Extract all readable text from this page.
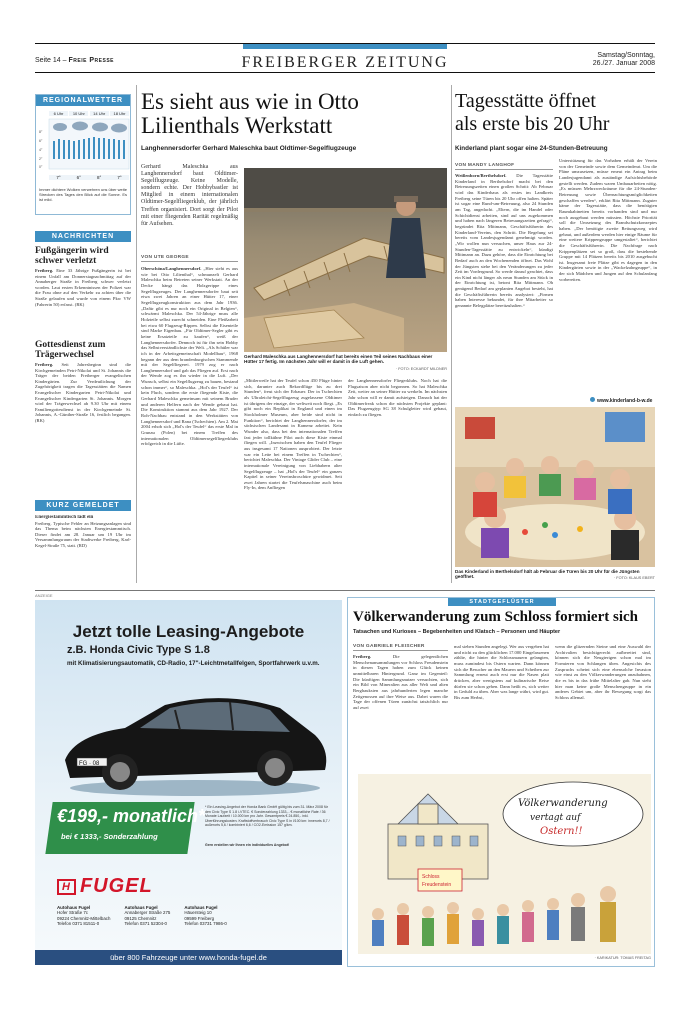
Seite 14 – Freie Presse	FREIBERGER ZEITUNG	Samstag/Sonntag,
26./27. Januar 2008
REGIONALWETTER
6 Uhr	10 Uhr	14 Uhr	18 Uhr
8°
6°
4°
2°
0°
7°	6°	8°	7°
Immer dichtere Wolken verwehren uns über weite Strecken des Tages den Blick auf die Sonne. Es ist mild.
NACHRICHTEN
Fußgängerin wird schwer verletzt
Freiberg. Eine 33 Jährige Fußgängerin ist bei einem Unfall am Donnerstagnachmittag auf der Annaberger Straße in Freiberg schwer verletzt worden. Laut ersten Erkenntnissen der Polizei war die Frau ohne auf den Verkehr zu achten über die Straße gelaufen und wurde von einem Pkw VW (Fahrerin 50) erfasst. (RK)
Gottesdienst zum Trägerwechsel
Freiberg. Seit Jahresbeginn sind die Kirchgemeinden Petri-Nikolai und St. Johannis die Träger der beiden Freiberger evangelischen Kindergärten. Zur Verdeutlichung der Zugehörigkeit tragen die Tagesstätten die Namen Evangelischer Kindergarten Petri-Nikolai und Evangelischer Kindergarten St. Johannis. Morgen wird der Trägerwechsel ab 9.30 Uhr mit einem Familiengottesdienst in der Kirchgemeinde St. Johannis, A.-Günther-Straße 16, festlich begangen. (RK)
KURZ GEMELDET
Energiestammtisch lädt ein
Freiberg. Typische Fehler an Heizungsanlagen sind das Thema beim nächsten Energiestammtisch. Dieser findet am 28. Januar um 19 Uhr im Versammlungsraum der Stadtwerke Freiberg, Karl-Kegel-Straße 75, statt. (RD)
Es sieht aus wie in Otto
Lilienthals Werkstatt
Langhennersdorfer Gerhard Maleschka baut Oldtimer-Segelflugzeuge
Gerhard Maleschka aus Langhennersdorf baut Oldtimer-Segelflugzeuge. Keine Modelle, sondern echte. Der Hobbybastler ist Mitglied in einem internationalen Oldtimer-Segelfliegerklub, der jährlich Treffen organisiert. Dort sorgt der Pilot mit einer fliegenden Rarität regelmäßig für Aufsehen.
VON UTE GEORGE
Oberschöna/Langhennersdorf. „Hier sieht es aus wie bei Otto Lilienthal“, schmunzelt Gerhard Maleschka beim Betreten seiner Werkstatt. An der Decke hängt das Holzgerippe eines Segelflugzeuges. Der Langhennersdorfer baut seit etwa zwei Jahren an einer Hütter 17, einer Segelflugzeugkonstruktion aus dem Jahr 1936. „Dafür gibt es nur noch ein Original in Belgien“, schwärmt Maleschka. Der 54-Jährige muss alle Holzteile selbst zurecht schneiden. Eine Fleißarbeit bei etwa 60 Flugzeug-Rippen. Selbst die Eisenteile sind Marke Eigenbau. „Für Oldtimer-Segler gibt es keine Ersatzteile zu kaufen“, weiß der Langhennersdorfer. Dennoch ist für ihn sein Hobby das Selbstverständlichste der Welt. „Als Schüler war ich in der Arbeitsgemeinschaft Modellbau“, 1968 begann der aus dem brandenburgischen Stammende mit der Segelfliegerei. 1979 zog er nach Langhennersdorf und gab das Fliegen auf. Erst nach der Wende zog es ihn wieder in die Luft. „Der Wunsch, selbst ein Segelflugzeug zu bauen, bestand schon immer“, so Maleschka. „Hol's der Teufel“ ist kein Fluch, sondern die erste fliegende Kiste, die Gerhard Maleschka gemeinsam mit seinem Bruder und anderen Helfern nach der Wende gebaut hat. Die Konstruktion stammt aus dem Jahr 1927. Der Roh-Nachbau entstand in den Werkstätten von Langhennersdorf und Rana (Tschechien). Am 2. Mai 2004 erhob sich „Hol's der Teufel“ das erste Mal in Grunau (Polen) bei einem Treffen des internationalen Oldtimersegelfliegerklubs erfolgreich in die Lüfte.
Gerhard Maleschka aus Langhennersdorf hat bereits einen Teil seines Nachbaus einer Hütter 17 fertig. Im nächsten Jahr will er damit in die Luft gehen.
· FOTO: ECKARDT MILDNER
„Mittlerweile hat der Teufel schon 450 Flüge hinter sich, darunter auch Rekordflüge bis zu drei Stunden“, freut sich der Erbauer. Der in Tschechien als Ultraleicht-Segelflugzeug zugelassene Oldtimer ist übrigens der einzige, der weltweit noch fliegt. „Es gibt noch ein Replikat in England und einen im Stockholmer Museum, aber beide sind nicht in Funktion“, berichtet der Langhennersdorfer, der im sächsischen Landesamt in Kamenz arbeitet. Kein Wunder also, dass bei den internationalen Treffen fast jeder tollkühne Pilot auch diese Kiste einmal fliegen will. „Inzwischen haben den Teufel Flieger aus insgesamt 17 Nationen ausprobiert. Der letzte war ein Lette bei einem Treffen in Tschechien“, berichtet Maleschka. Der Vintage Glider Club – eine internationale Vereinigung von Liebhabern alter Segelflugzeuge – hat „Hol's der Teufel“ ein ganzes Kapitel in seiner Vereinsbroschüre gewidmet. Seit zwei Jahren startet die Teufelsmaschine auch beim Fly-In, dem Anfliegen
der Langhennersdorfer Fliegerklubs. Noch hat die Flugsaison aber nicht begonnen. So hat Maleschka Zeit, weiter an seiner Hütter zu werkeln. Im nächsten Jahr schon will er damit aufsteigen. Danach hat der Oldtimerfreak schon die nächsten Projekte geplant: Das Flugzeugtyp SG 38 Schulgleiter wird gebaut, einfach zu fliegen.
Tagesstätte öffnet
als erste bis 20 Uhr
Kinderland plant sogar eine 24-Stunden-Betreuung
VON MANDY LANGHOF
Weißenborn/Berthelsdorf. Die Tagesstätte Kinderland in Berthelsdorf macht bei den Betreuungszeiten einen großen Schritt: Ab Februar wird das Kinderhaus als erstes im Landkreis Freiberg seine Türen bis 20 Uhr offen halten. Später ist sogar eine Rund-um-Betreuung, also 24 Stunden am Tag, angedacht. „Eltern, die im Handel oder Schichtdienst arbeiten, sind auf uns zugekommen und haben nach längeren Betreuungszeiten gefragt“, begründet Rita Mittmann, Geschäftsführerin des Kinderland-Vereins, den Schritt. Die Regelung sei bereits vom Landesjugendamt genehmigt worden. „Wir wollen nun versuchen, unser Haus zur 24-Stunden-Tagesstätte zu entwickeln“, kündigt Mittmann an. Dazu gehöre, dass die Einrichtung bei Bedarf auch an den Wochenenden öffnet. Das Wohl der Jüngsten stehe bei den Veränderungen zu jeder Zeit im Vordergrund. So werde darauf geachtet, dass ein Kind nicht länger als neun Stunden am Stück in der Einrichtung ist, betont Rita Mittmann. Oh genügend Bedarf am geplanten Angebot besteht, hat die Geschäftsführerin bereits analysiert: „Firmen haben Interesse bekundet, für ihre Mitarbeiter so genannte Belegplätze bereitzuhalten.“
Unterstützung für das Vorhaben erhält der Verein von der Gemeinde sowie dem Gemeinderat. Um die Pläne umzusetzen, müsse erneut ein Antrag beim Landesjugendamt als zuständige Aufsichtsbehörde gestellt werden. Zudem waren Umbauarbeiten nötig. „Es müssen Mehrzweckräume für die 24-Stunden-Betreuung sowie Übernachtungsmöglichkeiten geschaffen werden“, erklärt Rita Mittmann. Zuguter käme der Tagesstätte, dass die benötigten Raumkabinetten bereits vorhanden sind und nur noch ausgebaut werden müssten. Höchste Priorität soll die Umsetzung des Brandschutzkonzeptes haben. „Der benötigte zweite Rettungsweg wird gebaut, und außerdem werden hier einige Räume für eine weitere Krippengruppe umgestaltet“, berichtet die Geschäftsführerin. Die Nachfrage nach Krippenplätzen sei so groß, dass die bestehende Gruppe mit 14 Plätzen bereits bis 2010 ausgebucht ist. Insgesamt freie Plätze gibt es dagegen in den Kindergärten sowie in der „Wackelzahngruppe“, in der sich Mädchen und Jungen auf den Schulanfang vorbereiten.
www.kinderland-b-w.de
Das Kinderland in Berthelsdorf hält ab Februar die Türen bis 20 Uhr für die Jüngsten geöffnet.	· FOTO: KLAUS EBERT
ANZEIGE
Jetzt tolle Leasing-Angebote
z.B. Honda Civic Type S 1.8
mit Klimatisierungsautomatik, CD-Radio, 17"-Leichtmetallfelgen, Sportfahrwerk u.v.m.
FG · 08
€199,- monatlich*
bei € 1333,- Sonderzahlung
* Ein Leasing-Angebot der Honda Bank GmbH gültig bis zum 31. März 2008 für den Civic Type S 1.8 i-VTEC. € Sonderzahlung 1333,-. € monatliche Rate / 36 Monate Laufzeit / 10.000 km pro Jahr. Gesamtpreis € 24.850,- inkl. Überführungskosten. Kraftstoffverbrauch Civic Type S in l/100 km: innerorts 8,7 / außerorts 5,6 / kombiniert 6,6 / CO2-Emission 157 g/km.
Gern erstellen wir Ihnen ein individuelles Angebot!
H FUGEL
Autohaus Fugel
Hofer Straße 7c
09224 Chemnitz-Mittelbach
Telefon 0371 81511-0
Autohaus Fugel
Annaberger Straße 275
09125 Chemnitz
Telefon 0371 52304-0
Autohaus Fugel
Häuersteig 10
09599 Freiberg
Telefon 03731 7986-0
über 800 Fahrzeuge unter www.honda-fugel.de
STADTGEFLÜSTER
Völkerwanderung zum Schloss formiert sich
Tatsachen und Kurioses – Begebenheiten und Klatsch – Personen und Häupter
VON GABRIELE FLEISCHER
Freiberg. Die gelegentlichen Menschenansammlungen vor Schloss Freudenstein in diesen Tagen haben zum Glück keinen unmittelbaren Hintergrund. Ganz im Gegenteil: Die künftigen Sammlungsnutzer versuchten, sich ein Bild von Mineralien aus aller Welt und alten Berghauksten aus jahrhunderten legen manche Zeitgenossen auf ihre Weise aus. Dabei waren die Tage der offenen Türen zunächst tatsächlich nur auf zwei
mal sieben Stunden angelegt. Wer aus vergeben hat und nicht zu den glücklichen 17.000 Eingelassenen zählte, die hinter die Schlossmauern gelangten, muss zumindest bis Ostern warten. Dann können sich die Besucher an den Mauern und Scheiben zur Sammlung erneut auch erst nur die Nasen platt drücken, aber wenigstens auf kulinarische Reise dürfen sie schon gehen. Dann heißt es, sich weiter in Geduld zu üben. Aber was lange währt, wird gut. Bis zum Herbst,
wenn die glitzernden Steine und eine Auswahl der Archivalien besichtigerecht aufbereitet sind, können sich die Neugierigen schon mal im Formieren von Schlangen üben. Angesichts des Zuspruchs scheint sich eine ebensolche Invasion wie einst zu den Völkerwanderungen anzubahnen, die es bis in das frühe Mittelalter gab. Nun sieht hier man keine große Menschengruppe in ein anderes Gebiet um, aber ihr Bewegung sorgt das Schloss allemal.
Schloss
Freudenstein
Völkerwanderung
vertagt auf
Ostern!!
· KARIKATUR: TOMAS FREITAG
